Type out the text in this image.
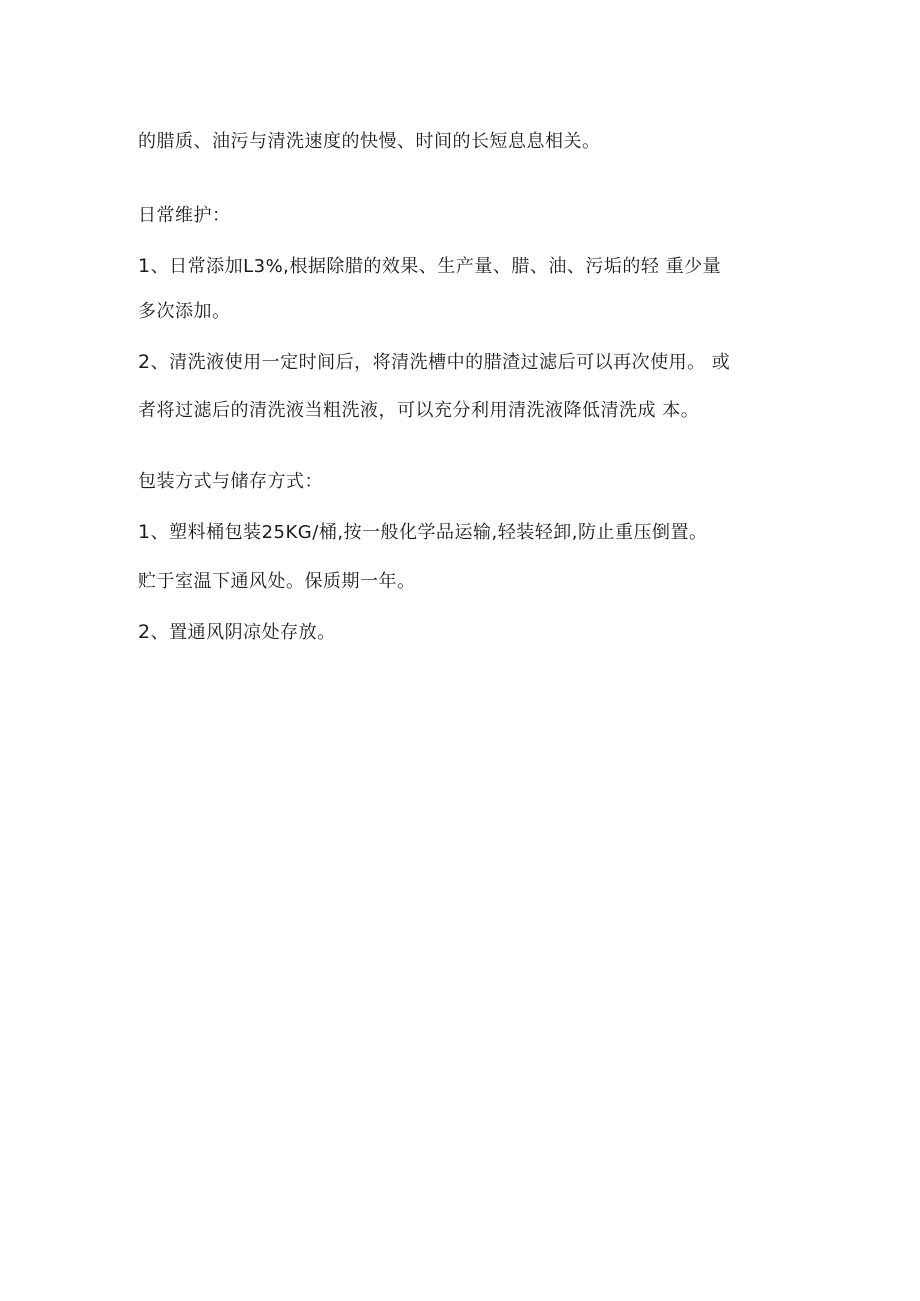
的腊质、油污与清洗速度的快慢、时间的长短息息相关。
日常维护：
1、日常添加L3%,根据除腊的效果、生产量、腊、油、污垢的轻 重少量
多次添加。
2、清洗液使用一定时间后，将清洗槽中的腊渣过滤后可以再次使用。 或
者将过滤后的清洗液当粗洗液，可以充分利用清洗液降低清洗成 本。
包装方式与储存方式：
1、塑料桶包装25KG/桶,按一般化学品运输,轻装轻卸,防止重压倒置。
贮于室温下通风处。保质期一年。
2、置通风阴凉处存放。
